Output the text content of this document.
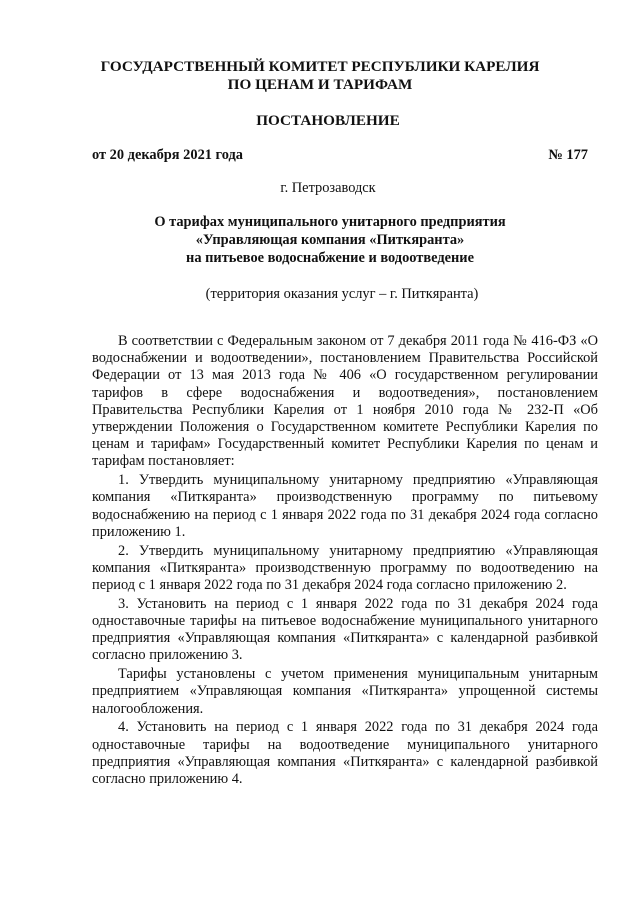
ГОСУДАРСТВЕННЫЙ КОМИТЕТ РЕСПУБЛИКИ КАРЕЛИЯ
ПО ЦЕНАМ И ТАРИФАМ
ПОСТАНОВЛЕНИЕ
от 20 декабря 2021 года	№ 177
г. Петрозаводск
О тарифах муниципального унитарного предприятия
«Управляющая компания «Питкяранта»
на питьевое водоснабжение и водоотведение
(территория оказания услуг – г. Питкяранта)

В соответствии с Федеральным законом от 7 декабря 2011 года № 416-ФЗ «О водоснабжении и водоотведении», постановлением Правительства Российской Федерации от 13 мая 2013 года № 406 «О государственном регулировании тарифов в сфере водоснабжения и водоотведения», постановлением Правительства Республики Карелия от 1 ноября 2010 года № 232-П «Об утверждении Положения о Государственном комитете Республики Карелия по ценам и тарифам» Государственный комитет Республики Карелия по ценам и тарифам постановляет:

1. Утвердить муниципальному унитарному предприятию «Управляющая компания «Питкяранта» производственную программу по питьевому водоснабжению на период с 1 января 2022 года по 31 декабря 2024 года согласно приложению 1.

2. Утвердить муниципальному унитарному предприятию «Управляющая компания «Питкяранта» производственную программу по водоотведению на период с 1 января 2022 года по 31 декабря 2024 года согласно приложению 2.

3. Установить на период с 1 января 2022 года по 31 декабря 2024 года одноставочные тарифы на питьевое водоснабжение муниципального унитарного предприятия «Управляющая компания «Питкяранта» с календарной разбивкой согласно приложению 3.

Тарифы установлены с учетом применения муниципальным унитарным предприятием «Управляющая компания «Питкяранта» упрощенной системы налогообложения.

4. Установить на период с 1 января 2022 года по 31 декабря 2024 года одноставочные тарифы на водоотведение муниципального унитарного предприятия «Управляющая компания «Питкяранта» с календарной разбивкой согласно приложению 4.
